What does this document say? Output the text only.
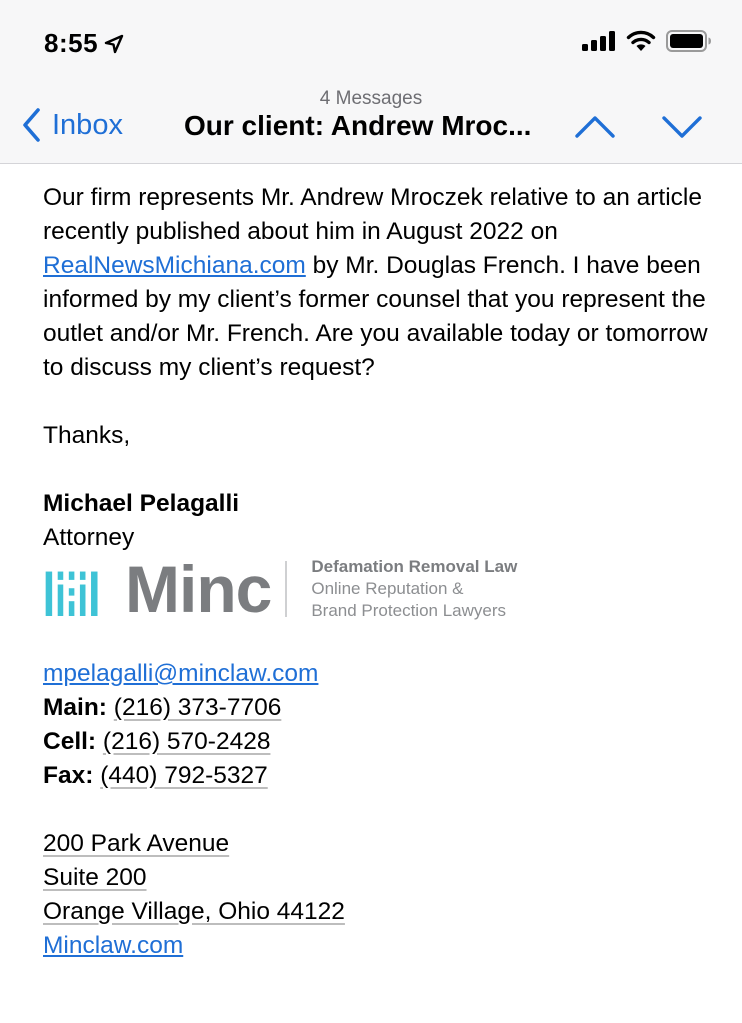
8:55
4 Messages
Inbox Our client: Andrew Mroc...

Our firm represents Mr. Andrew Mroczek relative to an article recently published about him in August 2022 on RealNewsMichiana.com by Mr. Douglas French. I have been informed by my client’s former counsel that you represent the outlet and/or Mr. French. Are you available today or tomorrow to discuss my client’s request?

Thanks,
Michael Pelagalli
Attorney
Minc Defamation Removal Law
Online Reputation &
Brand Protection Lawyers
mpelagalli@minclaw.com
Main: (216) 373-7706
Cell: (216) 570-2428
Fax: (440) 792-5327
200 Park Avenue
Suite 200
Orange Village, Ohio 44122
Minclaw.com
